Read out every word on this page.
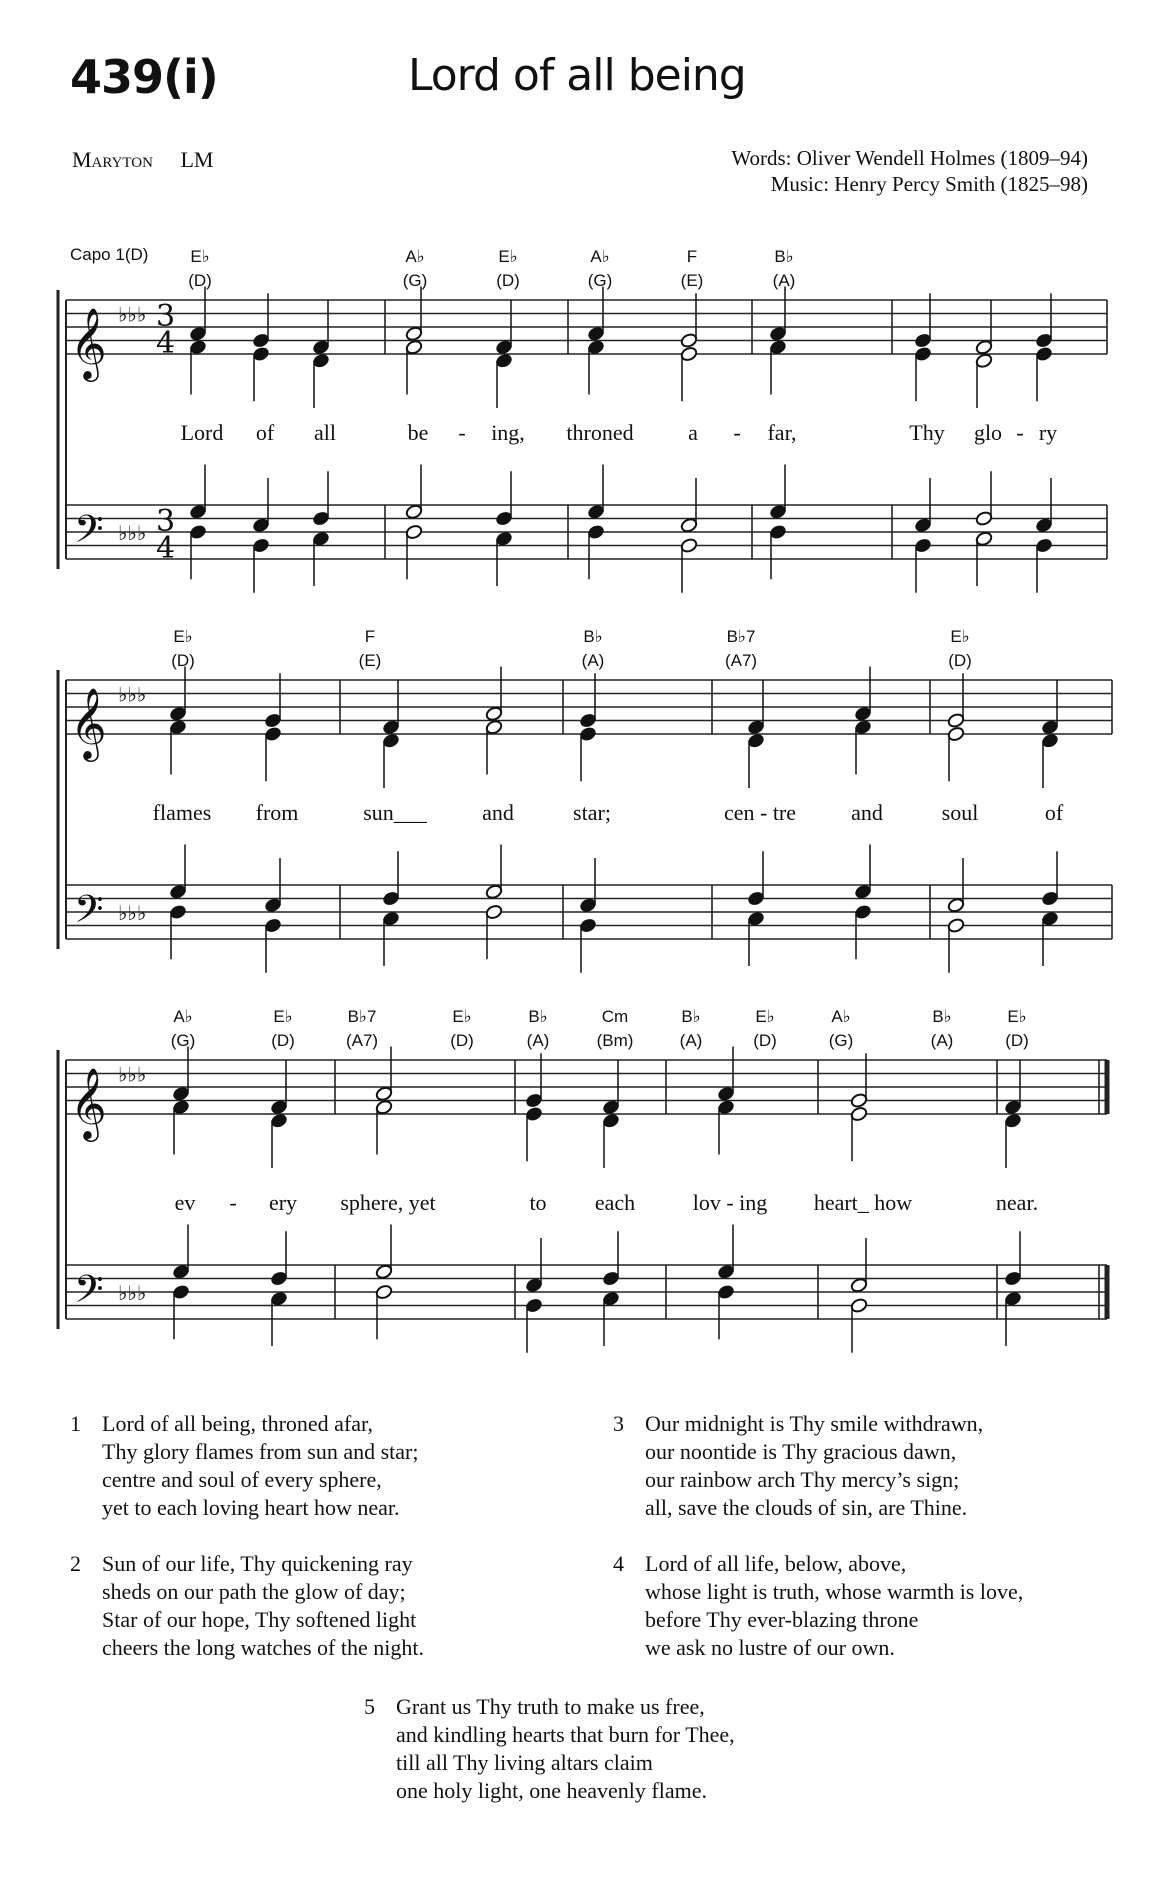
439(i)	Lord of all being
Maryton LM	Words: Oliver Wendell Holmes (1809–94)
Music: Henry Percy Smith (1825–98)
Capo 1(D)
𝄞
𝄢
♭♭♭
♭♭♭
3
4
3
4
𝄞
𝄢
♭♭♭
♭♭♭
𝄞
𝄢
♭♭♭
♭♭♭
E♭
(D)
A♭
(G)
E♭
(D)
A♭
(G)
F
(E)
B♭
(A)
E♭
(D)
F
(E)
B♭
(A)
B♭7
(A7)
E♭
(D)
A♭
(G)
E♭
(D)
B♭7
(A7)
E♭
(D)
B♭
(A)
Cm
(Bm)
B♭
(A)
E♭
(D)
A♭
(G)
B♭
(A)
E♭
(D)
Lord of all	be - ing, throned a - far,	Thy glo - ry
flames from	sun___	and	star;	cen - tre	and	soul	of
ev - ery sphere, yet	to each	lov - ing heart_ how	near.
1 Lord of all being, throned afar,
Thy glory flames from sun and star;
centre and soul of every sphere,
yet to each loving heart how near.
2 Sun of our life, Thy quickening ray
sheds on our path the glow of day;
Star of our hope, Thy softened light
cheers the long watches of the night.
3 Our midnight is Thy smile withdrawn,
our noontide is Thy gracious dawn,
our rainbow arch Thy mercy’s sign;
all, save the clouds of sin, are Thine.
4 Lord of all life, below, above,
whose light is truth, whose warmth is love,
before Thy ever-blazing throne
we ask no lustre of our own.
5 Grant us Thy truth to make us free,
and kindling hearts that burn for Thee,
till all Thy living altars claim
one holy light, one heavenly flame.
